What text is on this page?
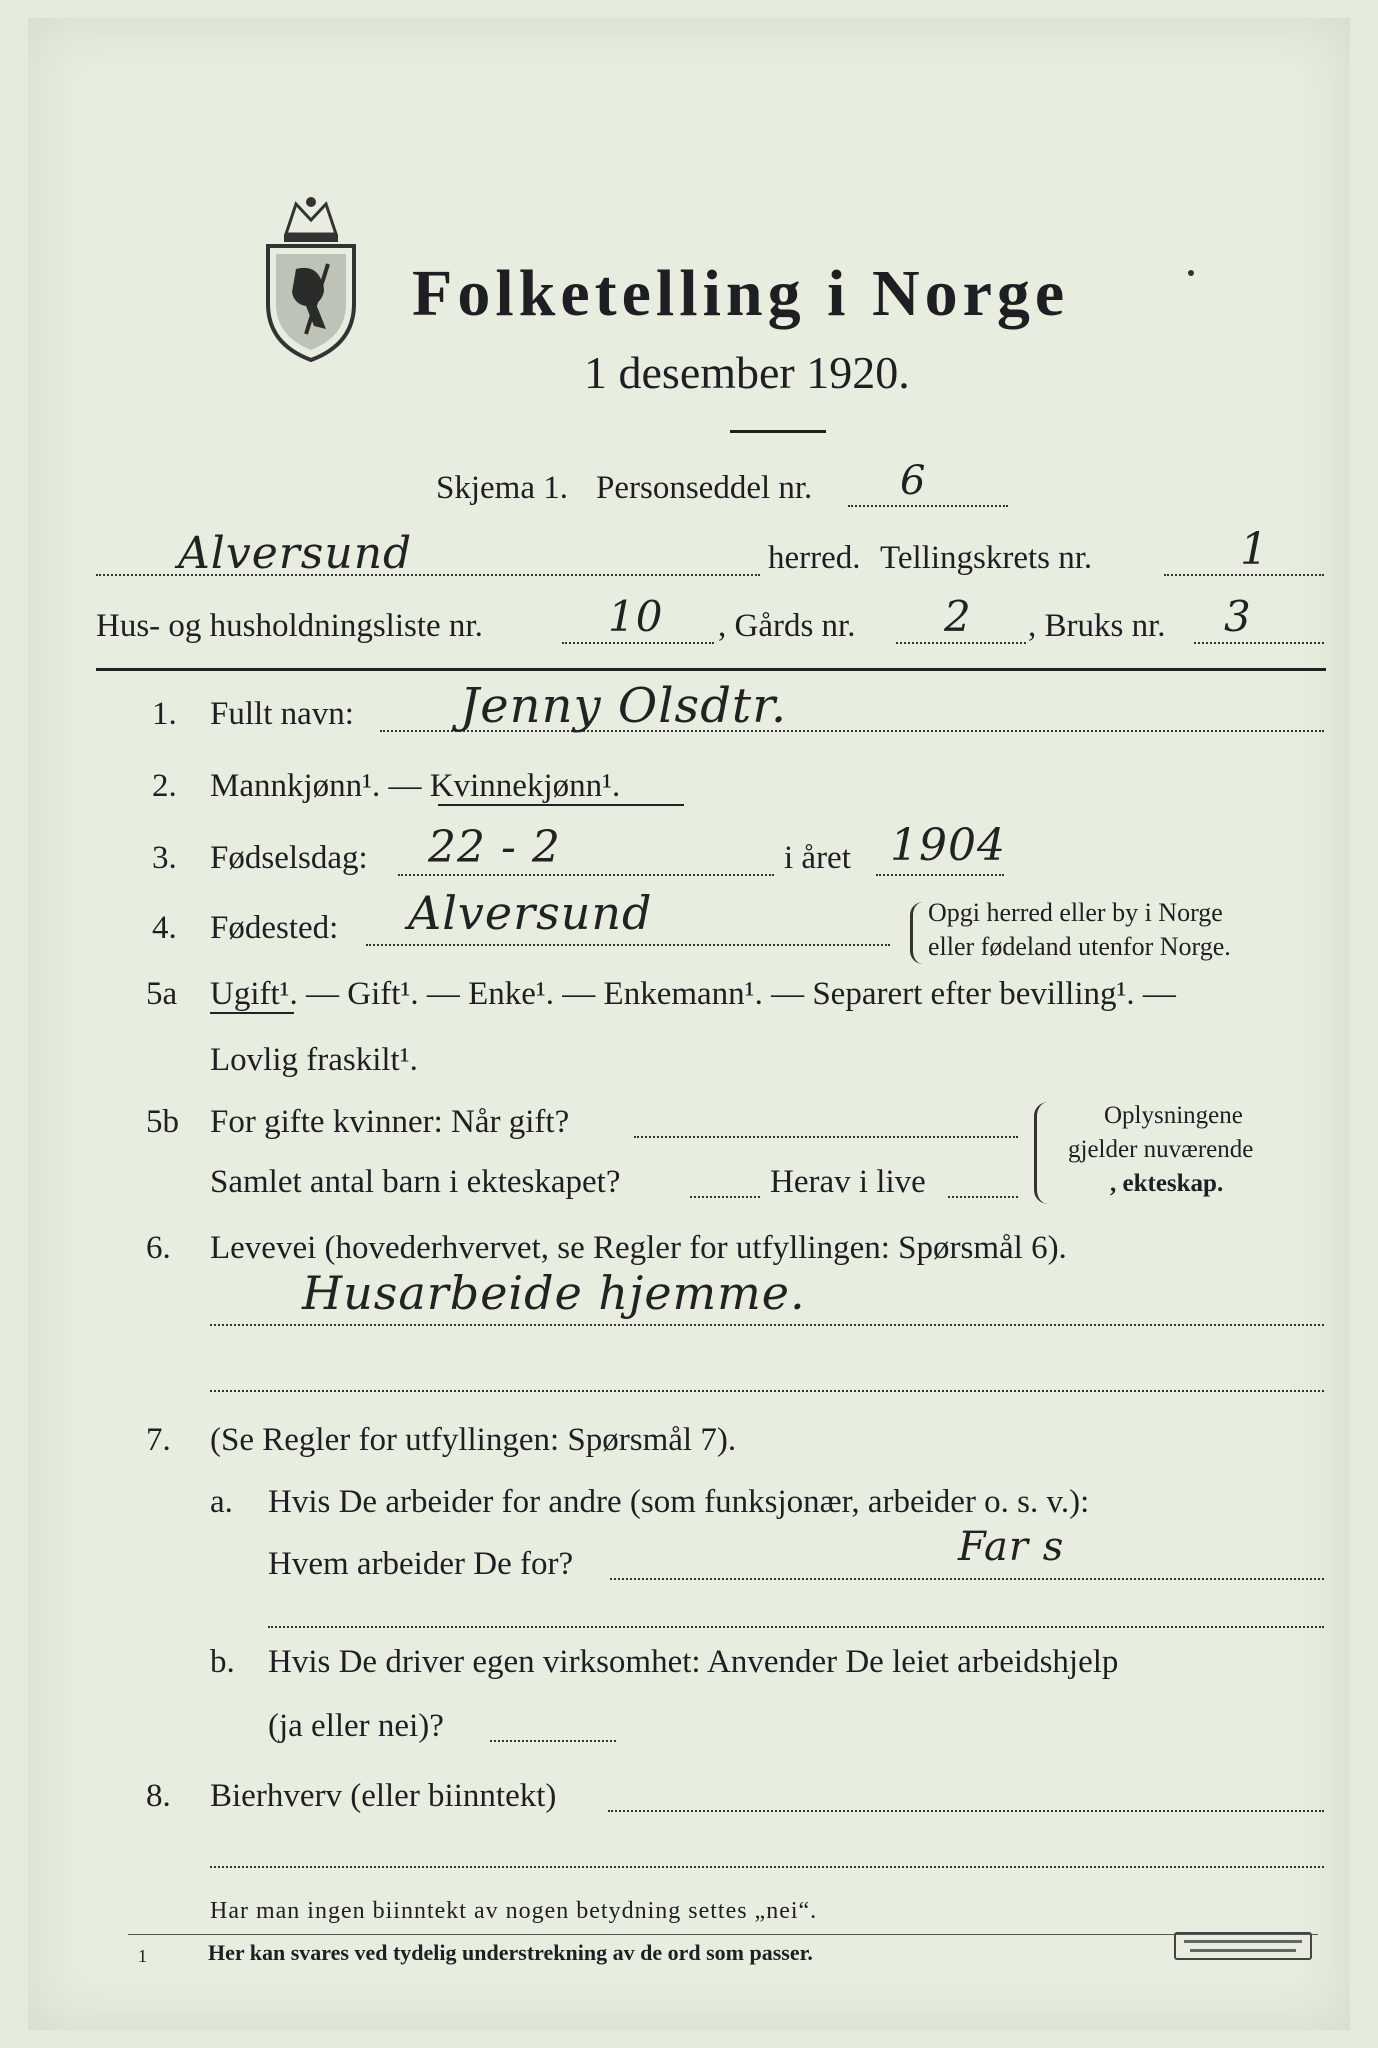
Folketelling i Norge
1 desember 1920.
Skjema 1. Personseddel nr. 6
Alversund	herred. Tellingskrets nr.	1
Hus- og husholdningsliste nr.	10 , Gårds nr. 2 , Bruks nr. 3
1. Fullt navn: Jenny Olsdtr.
2. Mannkjønn¹. — Kvinnekjønn¹.
3. Fødselsdag: 22 - 2	i året 1904
4. Fødested: Alversund	Opgi herred eller by i Norge
eller fødeland utenfor Norge.
5a Ugift¹. — Gift¹. — Enke¹. — Enkemann¹. — Separert efter bevilling¹. —
Lovlig fraskilt¹.
5b For gifte kvinner: Når gift?
Samlet antal barn i ekteskapet?	Herav i live
Oplysningene
gjelder nuværende
, ekteskap.
6. Levevei (hovederhvervet, se Regler for utfyllingen: Spørsmål 6).
Husarbeide hjemme.
7. (Se Regler for utfyllingen: Spørsmål 7).
a. Hvis De arbeider for andre (som funksjonær, arbeider o. s. v.):
Hvem arbeider De for?	Far s
b. Hvis De driver egen virksomhet: Anvender De leiet arbeidshjelp
(ja eller nei)?
8. Bierhverv (eller biinntekt)
Har man ingen biinntekt av nogen betydning settes „nei“.
1	Her kan svares ved tydelig understrekning av de ord som passer.
